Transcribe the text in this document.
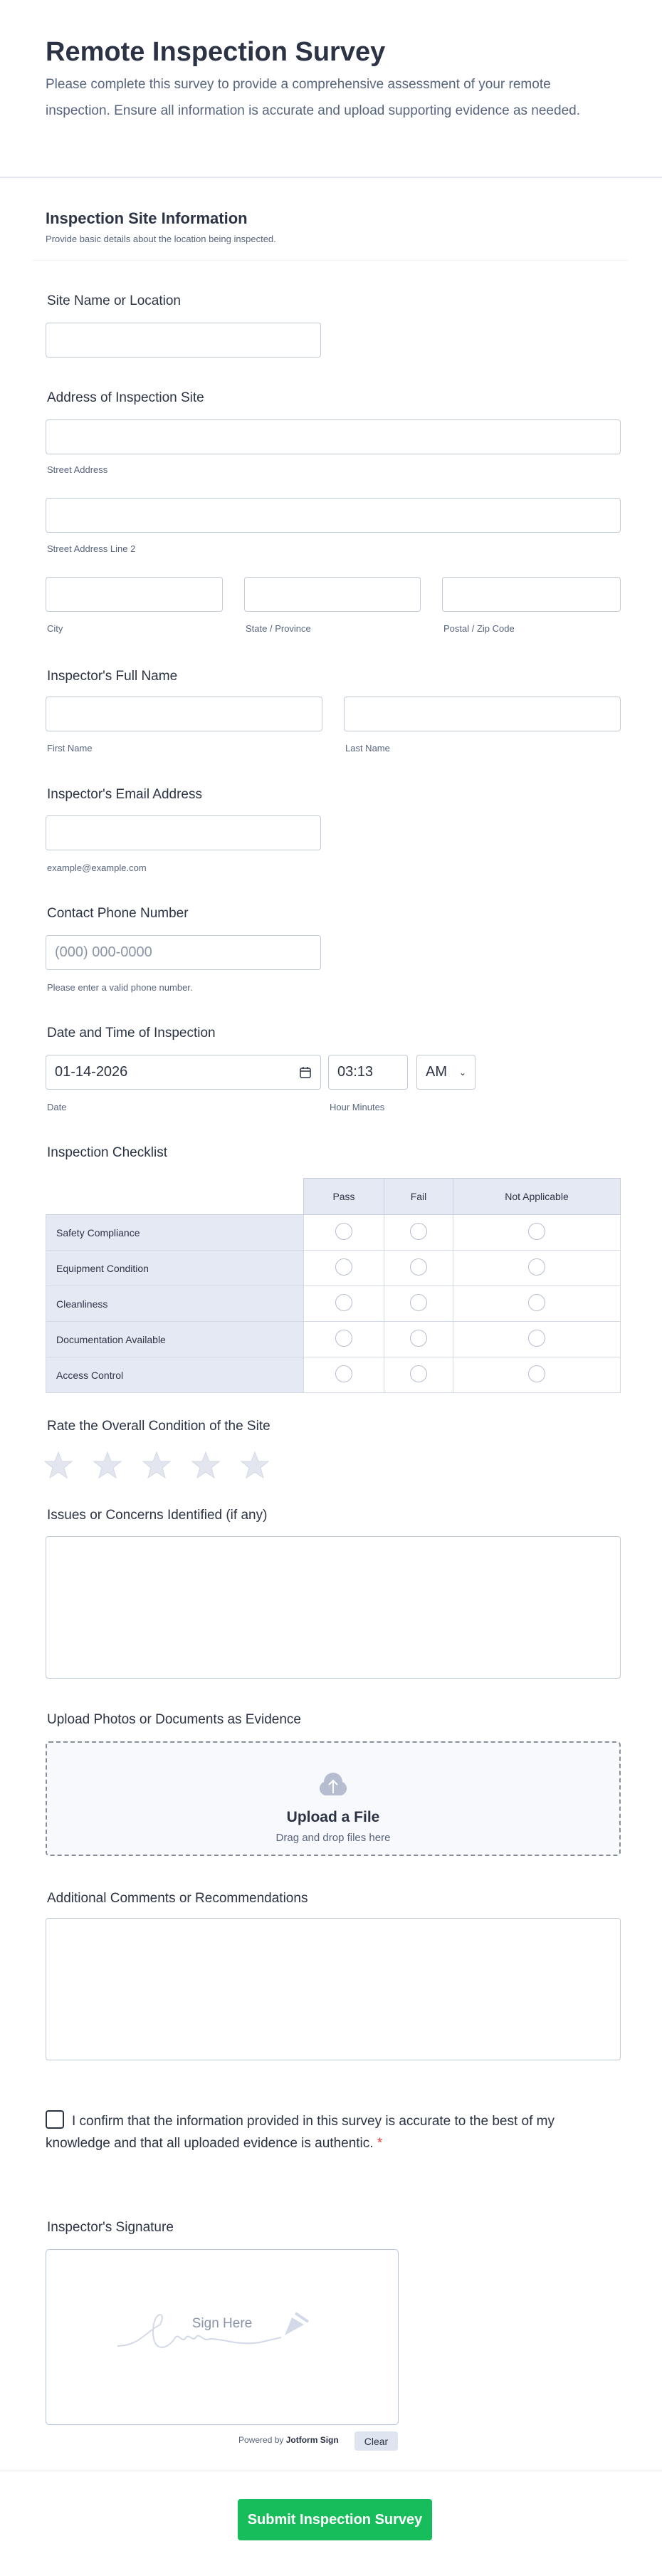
Remote Inspection Survey
Please complete this survey to provide a comprehensive assessment of your remote inspection. Ensure all information is accurate and upload supporting evidence as needed.
Inspection Site Information
Provide basic details about the location being inspected.
Site Name or Location
Address of Inspection Site
Street Address
Street Address Line 2
City	State / Province	Postal / Zip Code
Inspector's Full Name
First Name	Last Name
Inspector's Email Address
example@example.com
Contact Phone Number
(000) 000-0000
Please enter a valid phone number.
Date and Time of Inspection
01-14-2026	03:13	AM ⌄
Date	Hour Minutes
Inspection Checklist
	Pass	Fail	Not Applicable
Safety Compliance			
Equipment Condition			
Cleanliness			
Documentation Available			
Access Control			
Rate the Overall Condition of the Site
Issues or Concerns Identified (if any)
Upload Photos or Documents as Evidence
Upload a File
Drag and drop files here
Additional Comments or Recommendations
I confirm that the information provided in this survey is accurate to the best of my knowledge and that all uploaded evidence is authentic. *
Inspector's Signature
Sign Here
Powered by Jotform Sign	Clear
Submit Inspection Survey
